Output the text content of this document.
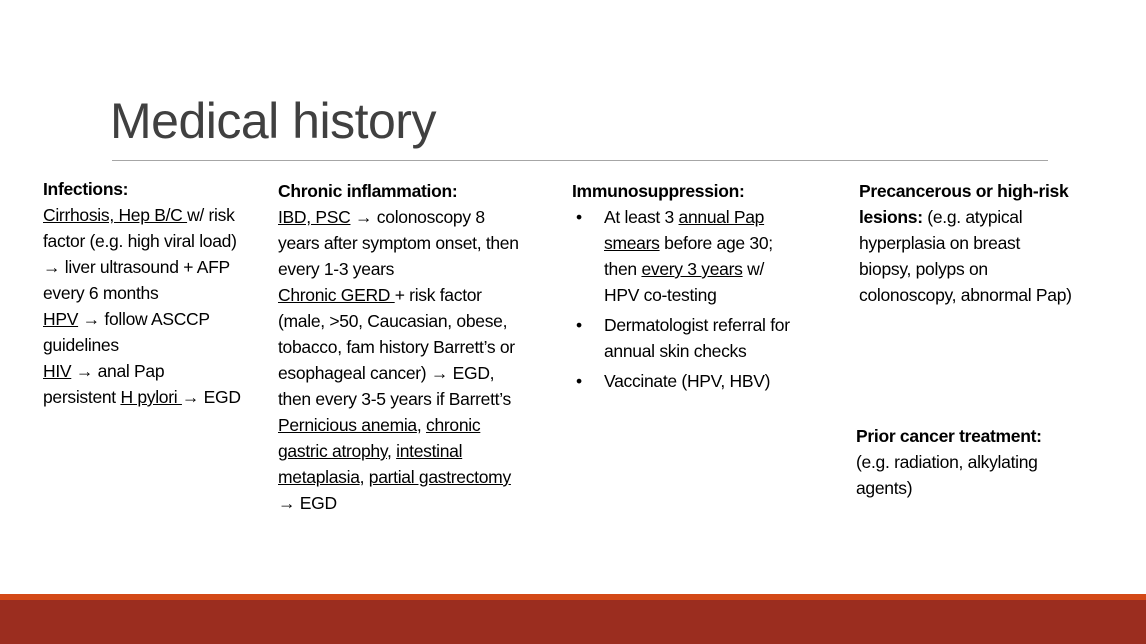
Medical history

Infections:

Cirrhosis, Hep B/C w/ risk factor (e.g. high viral load) → liver ultrasound + AFP every 6 months

HPV → follow ASCCP guidelines

HIV → anal Pap

persistent H pylori → EGD

Chronic inflammation:

IBD, PSC → colonoscopy 8 years after symptom onset, then every 1-3 years

Chronic GERD + risk factor (male, >50, Caucasian, obese, tobacco, fam history Barrett’s or esophageal cancer) → EGD, then every 3-5 years if Barrett’s

Pernicious anemia, chronic gastric atrophy, intestinal metaplasia, partial gastrectomy → EGD

Immunosuppression:

• At least 3 annual Pap smears before age 30; then every 3 years w/ HPV co-testing
• Dermatologist referral for annual skin checks
• Vaccinate (HPV, HBV)

Precancerous or high-risk lesions: (e.g. atypical hyperplasia on breast biopsy, polyps on colonoscopy, abnormal Pap)

Prior cancer treatment:

(e.g. radiation, alkylating agents)
